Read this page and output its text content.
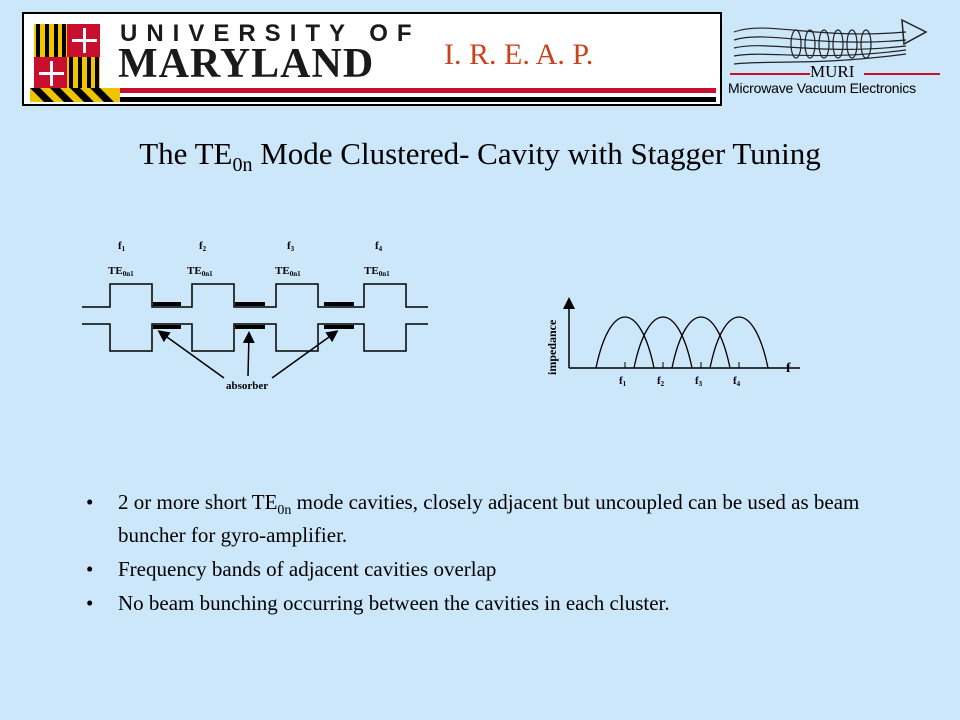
UNIVERSITY OF
MARYLAND I. R. E. A. P.
MURI
Microwave Vacuum Electronics
The $TE_{0n}$ Mode Clustered- Cavity with Stagger Tuning
absorber
f1
TE0n1
f2
TE0n1
f3
TE0n1
f4
TE0n1
impedance	f
f1	f2	f3	f4
• 2 or more short $TE_{0n}$ mode cavities, closely adjacent but uncoupled can be used as beam buncher for gyro-amplifier.
• Frequency bands of adjacent cavities overlap
• No beam bunching occurring between the cavities in each cluster.
